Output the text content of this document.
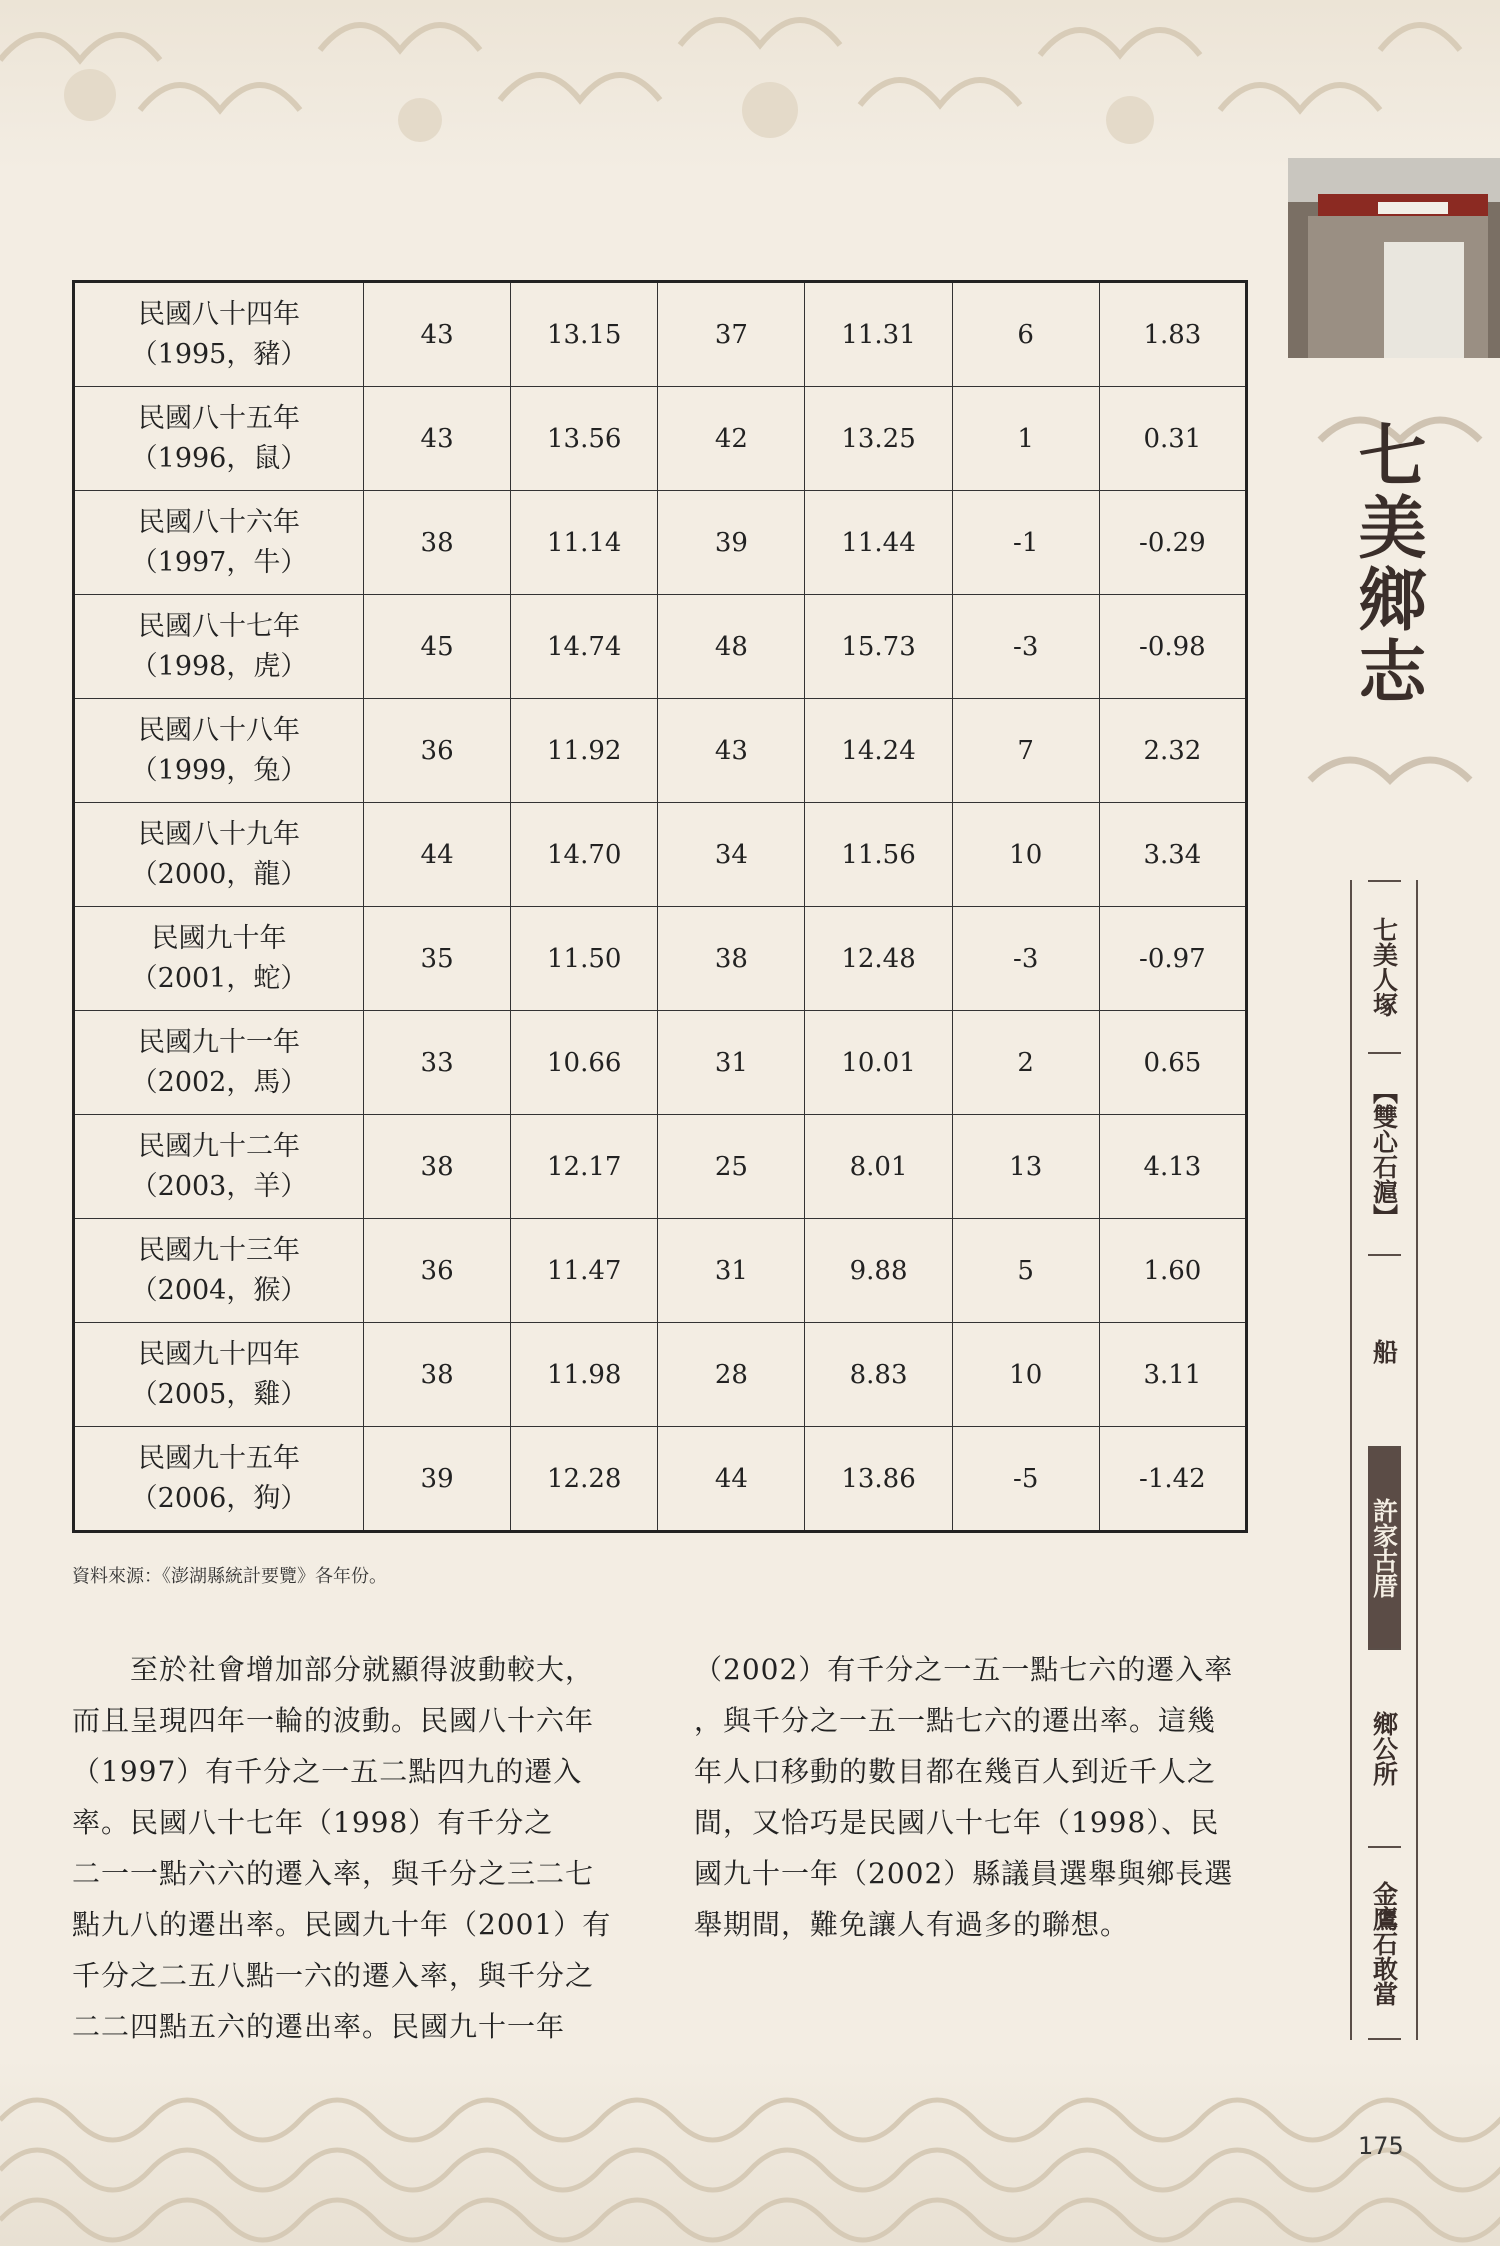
七美鄉志
七美人塚
【雙心石滬】
船
許家古厝
鄉公所
金鷹石敢當
民國八十四年
（1995，豬）	43	13.15	37	11.31	6	1.83

民國八十五年
（1996，鼠）	43	13.56	42	13.25	1	0.31

民國八十六年
（1997，牛）	38	11.14	39	11.44	-1	-0.29

民國八十七年
（1998，虎）	45	14.74	48	15.73	-3	-0.98

民國八十八年
（1999，兔）	36	11.92	43	14.24	7	2.32

民國八十九年
（2000，龍）	44	14.70	34	11.56	10	3.34

民國九十年
（2001，蛇）	35	11.50	38	12.48	-3	-0.97

民國九十一年
（2002，馬）	33	10.66	31	10.01	2	0.65

民國九十二年
（2003，羊）	38	12.17	25	8.01	13	4.13

民國九十三年
（2004，猴）	36	11.47	31	9.88	5	1.60

民國九十四年
（2005，雞）	38	11.98	28	8.83	10	3.11

民國九十五年
（2006，狗）	39	12.28	44	13.86	-5	-1.42
資料來源：《澎湖縣統計要覽》各年份。

　　至於社會增加部分就顯得波動較大，

而且呈現四年一輪的波動。民國八十六年

（1997）有千分之一五二點四九的遷入

率。民國八十七年（1998）有千分之

二一一點六六的遷入率，與千分之三二七

點九八的遷出率。民國九十年（2001）有

千分之二五八點一六的遷入率，與千分之

二二四點五六的遷出率。民國九十一年

（2002）有千分之一五一點七六的遷入率

，與千分之一五一點七六的遷出率。這幾

年人口移動的數目都在幾百人到近千人之

間，又恰巧是民國八十七年（1998）、民

國九十一年（2002）縣議員選舉與鄉長選

舉期間，難免讓人有過多的聯想。

175
